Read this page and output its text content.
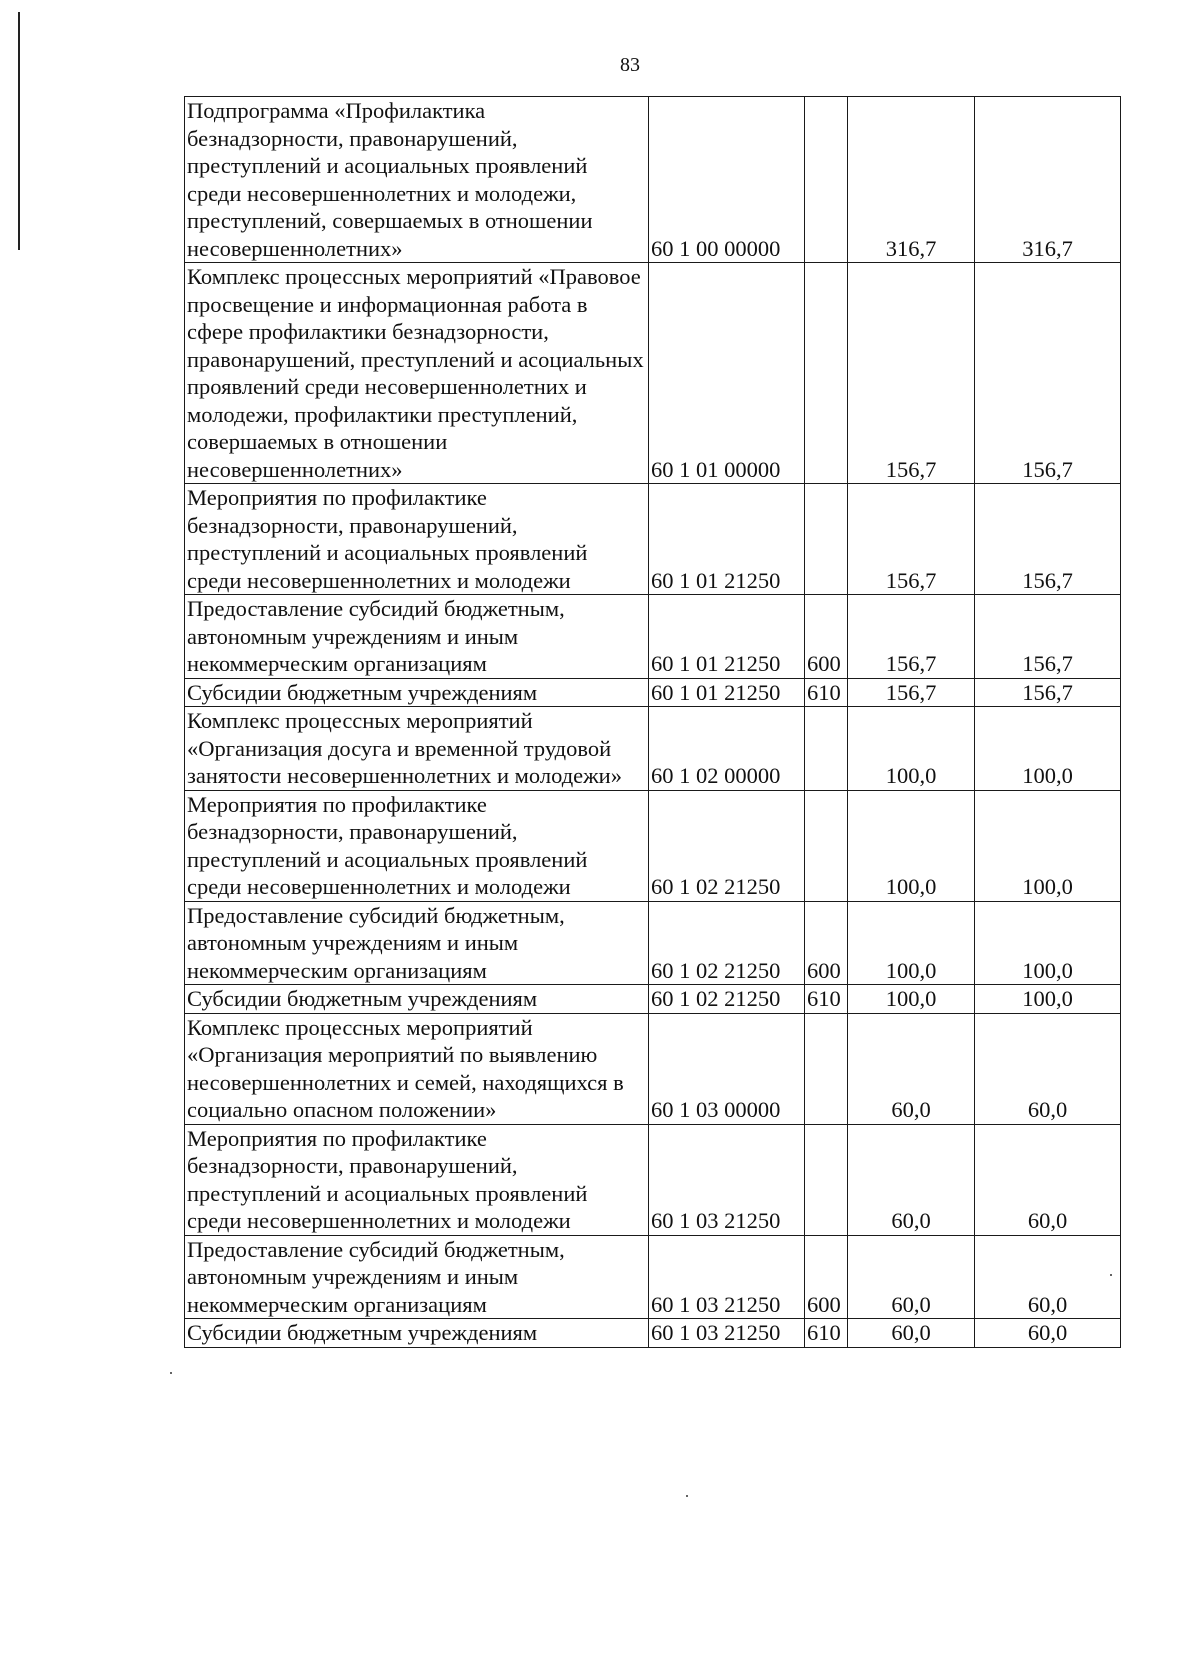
83
Подпрограмма «Профилактика безнадзорности, правонарушений, преступлений и асоциальных проявлений среди несовершеннолетних и молодежи, преступлений, совершаемых в отношении несовершеннолетних»	60 1 00 00000		316,7	316,7
Комплекс процессных мероприятий «Правовое просвещение и информационная работа в сфере профилактики безнадзорности, правонарушений, преступлений и асоциальных проявлений среди несовершеннолетних и молодежи, профилактики преступлений, совершаемых в отношении несовершеннолетних»	60 1 01 00000		156,7	156,7
Мероприятия по профилактике безнадзорности, правонарушений, преступлений и асоциальных проявлений среди несовершеннолетних и молодежи	60 1 01 21250		156,7	156,7
Предоставление субсидий бюджетным, автономным учреждениям и иным некоммерческим организациям	60 1 01 21250	600	156,7	156,7
Субсидии бюджетным учреждениям	60 1 01 21250	610	156,7	156,7
Комплекс процессных мероприятий «Организация досуга и временной трудовой занятости несовершеннолетних и молодежи»	60 1 02 00000		100,0	100,0
Мероприятия по профилактике безнадзорности, правонарушений, преступлений и асоциальных проявлений среди несовершеннолетних и молодежи	60 1 02 21250		100,0	100,0
Предоставление субсидий бюджетным, автономным учреждениям и иным некоммерческим организациям	60 1 02 21250	600	100,0	100,0
Субсидии бюджетным учреждениям	60 1 02 21250	610	100,0	100,0
Комплекс процессных мероприятий «Организация мероприятий по выявлению несовершеннолетних и семей, находящихся в социально опасном положении»	60 1 03 00000		60,0	60,0
Мероприятия по профилактике безнадзорности, правонарушений, преступлений и асоциальных проявлений среди несовершеннолетних и молодежи	60 1 03 21250		60,0	60,0
Предоставление субсидий бюджетным, автономным учреждениям и иным некоммерческим организациям	60 1 03 21250	600	60,0	60,0
Субсидии бюджетным учреждениям	60 1 03 21250	610	60,0	60,0
